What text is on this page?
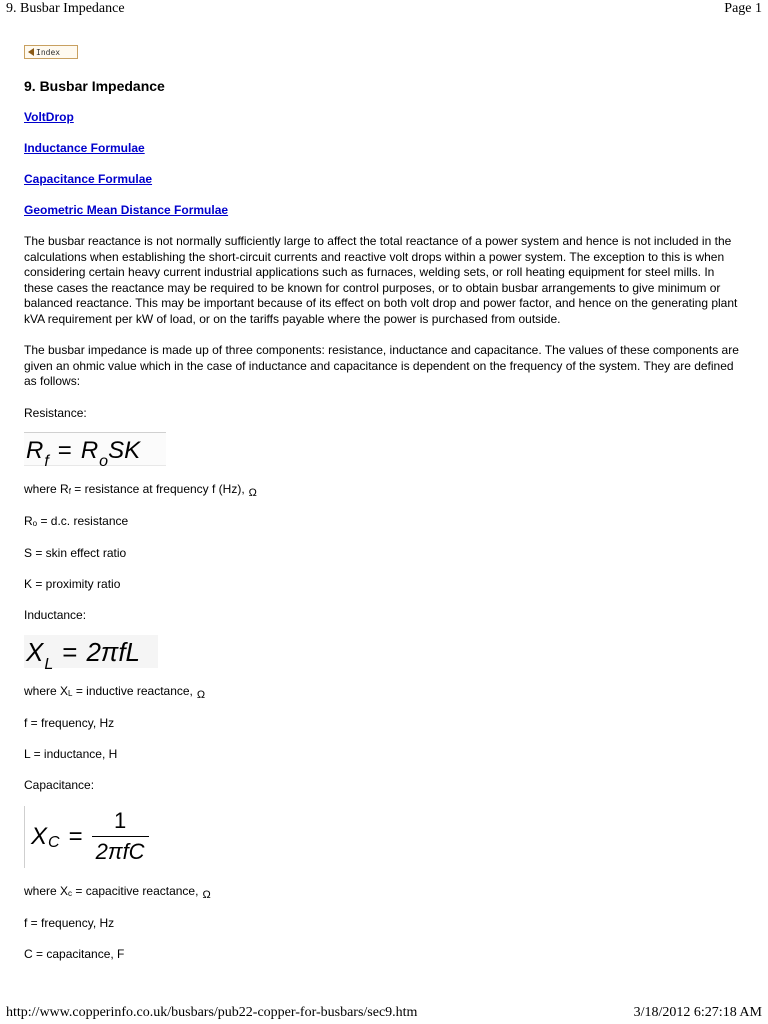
9. Busbar Impedance	Page 1
Index
9. Busbar Impedance
VoltDrop
Inductance Formulae
Capacitance Formulae
Geometric Mean Distance Formulae

The busbar reactance is not normally sufficiently large to affect the total reactance of a power system and hence is not included in the calculations when establishing the short-circuit currents and reactive volt drops within a power system. The exception to this is when considering certain heavy current industrial applications such as furnaces, welding sets, or roll heating equipment for steel mills. In these cases the reactance may be required to be known for control purposes, or to obtain busbar arrangements to give minimum or balanced reactance. This may be important because of its effect on both volt drop and power factor, and hence on the generating plant kVA requirement per kW of load, or on the tariffs payable where the power is purchased from outside.

The busbar impedance is made up of three components: resistance, inductance and capacitance. The values of these components are given an ohmic value which in the case of inductance and capacitance is dependent on the frequency of the system. They are defined as follows:

Resistance:
R f = R o SK
where $R_f$ = resistance at frequency f (Hz), Ω
$R_o = d.c$. resistance
S = skin effect ratio
K = proximity ratio
Inductance:
X L = 2πfL
where $X_L$ = inductive reactance, Ω
f = frequency, Hz
L = inductance, H
Capacitance:
X $C = \frac{1}{\text{2πfC}}$
where $X_c$ = capacitive reactance, Ω
f = frequency, Hz
C = capacitance, F
http://www.copperinfo.co.uk/busbars/pub22-copper-for-busbars/sec9.htm	3/18/2012 6:27:18 AM
